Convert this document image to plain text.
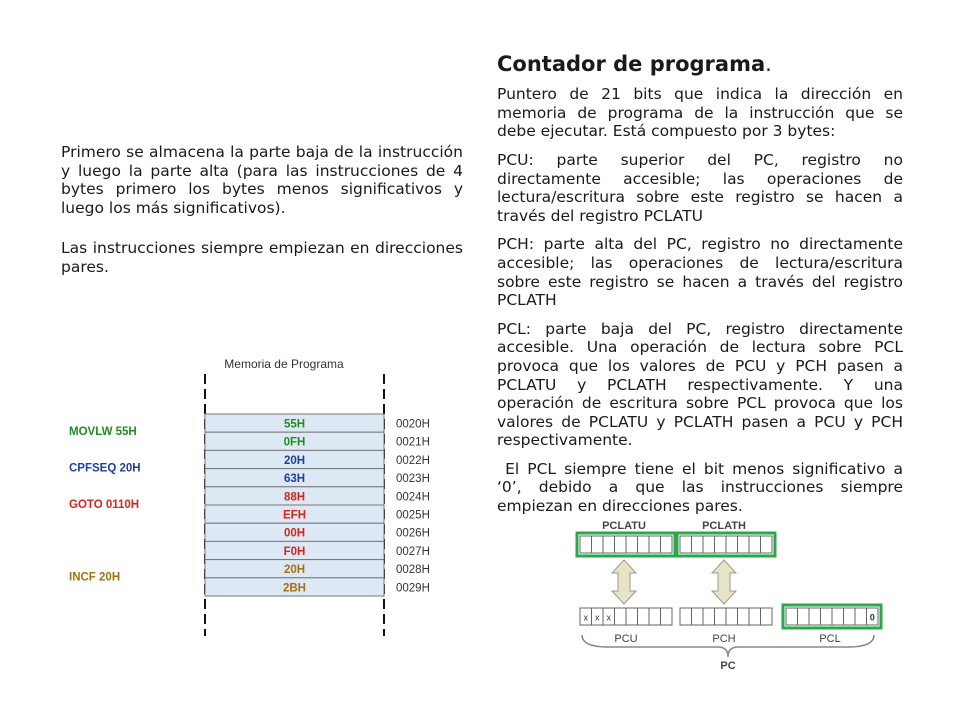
Primero se almacena la parte baja de la instrucción y luego la parte alta (para las instrucciones de 4 bytes primero los bytes menos significativos y luego los más significativos).

Las instrucciones siempre empiezan en direcciones pares.

Contador de programa.

Puntero de 21 bits que indica la dirección en memoria de programa de la instrucción que se debe ejecutar. Está compuesto por 3 bytes:

PCU: parte superior del PC, registro no directamente accesible; las operaciones de lectura/escritura sobre este registro se hacen a través del registro PCLATU

PCH: parte alta del PC, registro no directamente accesible; las operaciones de lectura/escritura sobre este registro se hacen a través del registro PCLATH

PCL: parte baja del PC, registro directamente accesible. Una operación de lectura sobre PCL provoca que los valores de PCU y PCH pasen a PCLATU y PCLATH respectivamente. Y una operación de escritura sobre PCL provoca que los valores de PCLATU y PCLATH pasen a PCU y PCH respectivamente.

El PCL siempre tiene el bit menos significativo a ‘0’, debido a que las instrucciones siempre empiezan en direcciones pares.

Memoria de Programa
55H	0020H
0FH	0021H
20H	0022H
63H	0023H
88H	0024H
EFH	0025H
00H	0026H
F0H	0027H
20H	0028H
2BH	0029H
MOVLW 55H
CPFSEQ 20H
GOTO 0110H
INCF 20H
PCLATU	PCLATH
x x x	0
PCU	PCH	PCL
PC
